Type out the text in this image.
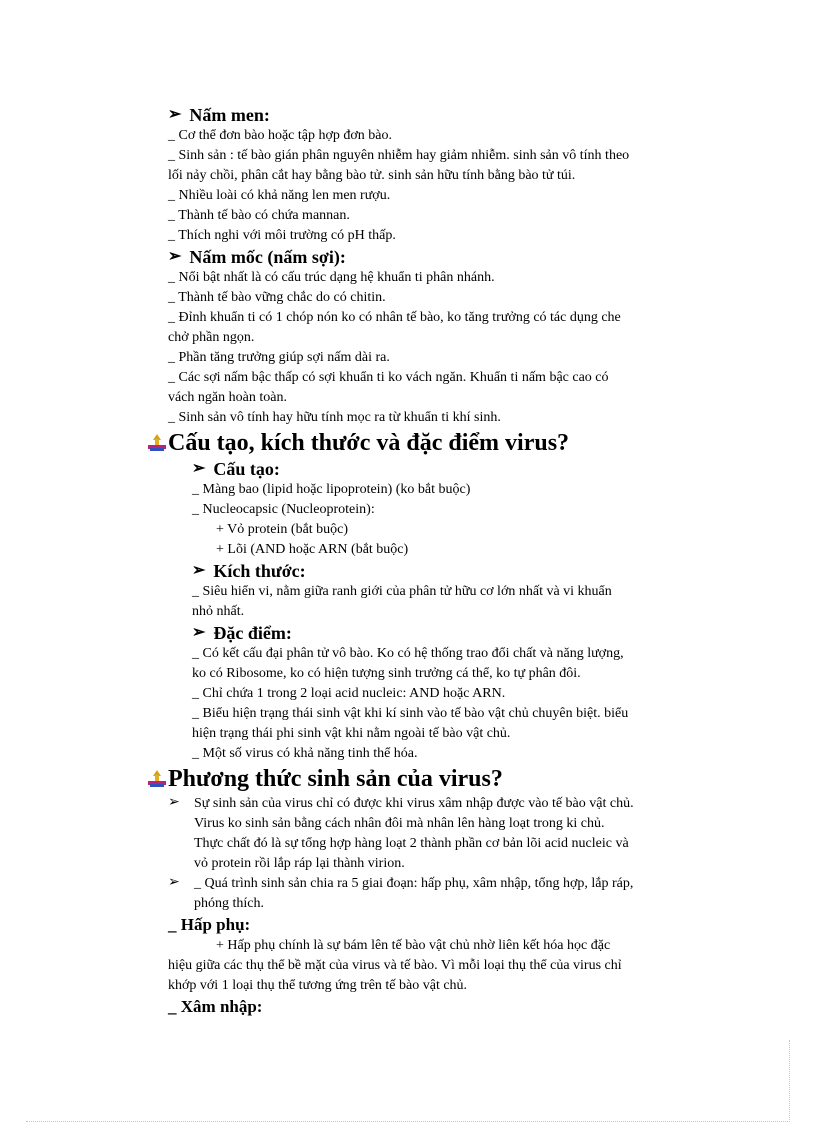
➢ Nấm men:
_ Cơ thể đơn bào hoặc tập hợp đơn bào.
_ Sinh sản : tế bào gián phân nguyên nhiễm hay giảm nhiễm. sinh sản vô tính theo
lối nảy chồi, phân cắt hay bằng bào tử. sinh sản hữu tính bằng bào tử túi.
_ Nhiều loài có khả năng len men rượu.
_ Thành tế bào có chứa mannan.
_ Thích nghi với môi trường có pH thấp.
➢ Nấm mốc (nấm sợi):
_ Nổi bật nhất là có cấu trúc dạng hệ khuẩn ti phân nhánh.
_ Thành tế bào vững chắc do có chitin.
_ Đỉnh khuẩn ti có 1 chóp nón ko có nhân tế bào, ko tăng trưởng có tác dụng che
chở phần ngọn.
_ Phần tăng trưởng giúp sợi nấm dài ra.
_ Các sợi nấm bậc thấp có sợi khuẩn ti ko vách ngăn. Khuẩn ti nấm bậc cao có
vách ngăn hoàn toàn.
_ Sinh sản vô tính hay hữu tính mọc ra từ khuẩn ti khí sinh.
Cấu tạo, kích thước và đặc điểm virus?
➢ Cấu tạo:
_ Màng bao (lipid hoặc lipoprotein) (ko bắt buộc)
_ Nucleocapsic (Nucleoprotein):
+ Vỏ protein (bắt buộc)
+ Lõi (AND hoặc ARN (bắt buộc)
➢ Kích thước:
_ Siêu hiển vi, nằm giữa ranh giới của phân tử hữu cơ lớn nhất và vi khuẩn
nhỏ nhất.
➢ Đặc điểm:
_ Có kết cấu đại phân tử vô bào. Ko có hệ thống trao đổi chất và năng lượng,
ko có Ribosome, ko có hiện tượng sinh trưởng cá thể, ko tự phân đôi.
_ Chỉ chứa 1 trong 2 loại acid nucleic: AND hoặc ARN.
_ Biểu hiện trạng thái sinh vật khi kí sinh vào tế bào vật chủ chuyên biệt. biểu
hiện trạng thái phi sinh vật khi nằm ngoài tế bào vật chủ.
_ Một số virus có khả năng tinh thể hóa.
Phương thức sinh sản của virus?
➢	Sự sinh sản của virus chỉ có được khi virus xâm nhập được vào tế bào vật chủ.
Virus ko sinh sản bằng cách nhân đôi mà nhân lên hàng loạt trong ki chủ.
Thực chất đó là sự tổng hợp hàng loạt 2 thành phần cơ bản lõi acid nucleic và
vỏ protein rồi lắp ráp lại thành virion.
➢	_ Quá trình sinh sản chia ra 5 giai đoạn: hấp phụ, xâm nhập, tổng hợp, lắp ráp,
phóng thích.
_ Hấp phụ:
+ Hấp phụ chính là sự bám lên tế bào vật chủ nhờ liên kết hóa học đặc
hiệu giữa các thụ thể bề mặt của virus và tế bào. Vì mỗi loại thụ thể của virus chỉ
khớp với 1 loại thụ thể tương ứng trên tế bào vật chủ.
_ Xâm nhập:
